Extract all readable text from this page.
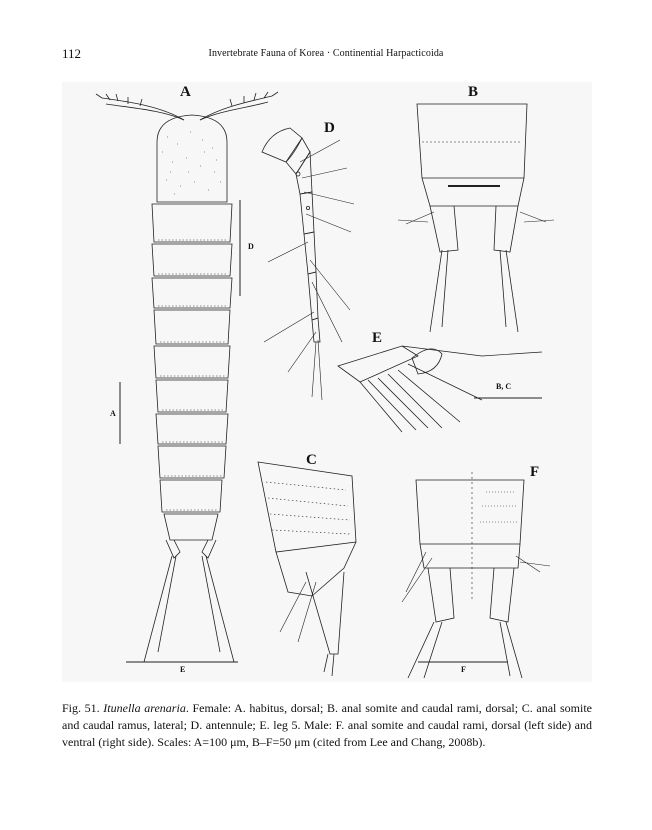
112	Invertebrate Fauna of Korea · Continential Harpacticoida
A	B
D
E
C
F
A
D
B, C
E	F
Fig. 51. Itunella arenaria. Female: A. habitus, dorsal; B. anal somite and caudal rami, dorsal; C. anal somite and caudal ramus, lateral; D. antennule; E. leg 5. Male: F. anal somite and caudal rami, dorsal (left side) and ventral (right side). Scales: A=100 μm, B–F=50 μm (cited from Lee and Chang, 2008b).
